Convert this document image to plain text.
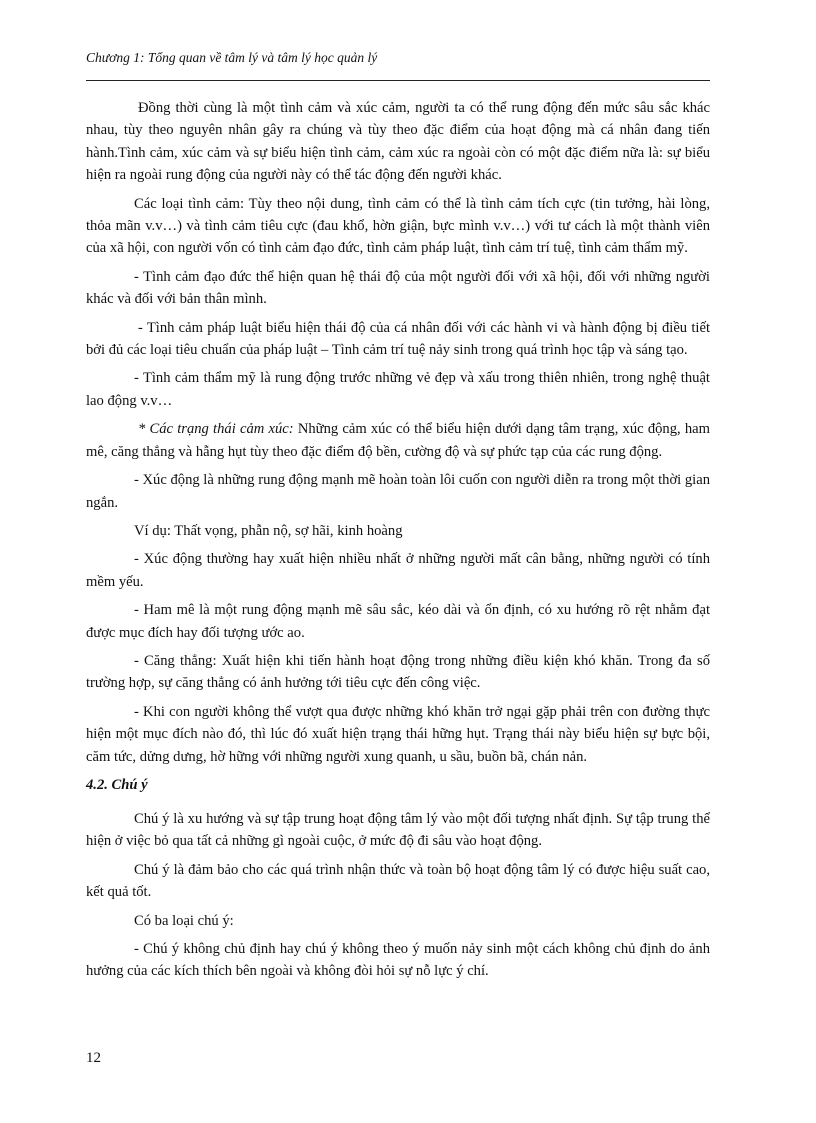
Chương 1: Tổng quan về tâm lý và tâm lý học quản lý

Đồng thời cùng là một tình cảm và xúc cảm, người ta có thể rung động đến mức sâu sắc khác nhau, tùy theo nguyên nhân gây ra chúng và tùy theo đặc điểm của hoạt động mà cá nhân đang tiến hành.Tình cảm, xúc cảm và sự biểu hiện tình cảm, cảm xúc ra ngoài còn có một đặc điểm nữa là: sự biểu hiện ra ngoài rung động của người này có thể tác động đến người khác.

Các loại tình cảm: Tùy theo nội dung, tình cảm có thể là tình cảm tích cực (tin tưởng, hài lòng, thỏa mãn v.v…) và tình cảm tiêu cực (đau khổ, hờn giận, bực mình v.v…) với tư cách là một thành viên của xã hội, con người vốn có tình cảm đạo đức, tình cảm pháp luật, tình cảm trí tuệ, tình cảm thẩm mỹ.

- Tình cảm đạo đức thể hiện quan hệ thái độ của một người đối với xã hội, đối với những người khác và đối với bản thân mình.

- Tình cảm pháp luật biểu hiện thái độ của cá nhân đối với các hành vi và hành động bị điều tiết bởi đủ các loại tiêu chuẩn của pháp luật – Tình cảm trí tuệ nảy sinh trong quá trình học tập và sáng tạo.

- Tình cảm thẩm mỹ là rung động trước những vẻ đẹp và xấu trong thiên nhiên, trong nghệ thuật lao động v.v…

* Các trạng thái cảm xúc: Những cảm xúc có thể biểu hiện dưới dạng tâm trạng, xúc động, ham mê, căng thẳng và hẫng hụt tùy theo đặc điểm độ bền, cường độ và sự phức tạp của các rung động.

- Xúc động là những rung động mạnh mẽ hoàn toàn lôi cuốn con người diễn ra trong một thời gian ngắn.

Ví dụ: Thất vọng, phẫn nộ, sợ hãi, kinh hoàng

- Xúc động thường hay xuất hiện nhiều nhất ở những người mất cân bằng, những người có tính mềm yếu.

- Ham mê là một rung động mạnh mẽ sâu sắc, kéo dài và ổn định, có xu hướng rõ rệt nhằm đạt được mục đích hay đối tượng ước ao.

- Căng thẳng: Xuất hiện khi tiến hành hoạt động trong những điều kiện khó khăn. Trong đa số trường hợp, sự căng thẳng có ảnh hưởng tới tiêu cực đến công việc.

- Khi con người không thể vượt qua được những khó khăn trở ngại gặp phải trên con đường thực hiện một mục đích nào đó, thì lúc đó xuất hiện trạng thái hững hụt. Trạng thái này biểu hiện sự bực bội, căm tức, dửng dưng, hờ hững với những người xung quanh, u sầu, buồn bã, chán nản.

4.2. Chú ý

Chú ý là xu hướng và sự tập trung hoạt động tâm lý vào một đối tượng nhất định. Sự tập trung thể hiện ở việc bỏ qua tất cả những gì ngoài cuộc, ở mức độ đi sâu vào hoạt động.

Chú ý là đảm bảo cho các quá trình nhận thức và toàn bộ hoạt động tâm lý có được hiệu suất cao, kết quả tốt.

Có ba loại chú ý:

- Chú ý không chủ định hay chú ý không theo ý muốn nảy sinh một cách không chủ định do ảnh hưởng của các kích thích bên ngoài và không đòi hỏi sự nỗ lực ý chí.

12
